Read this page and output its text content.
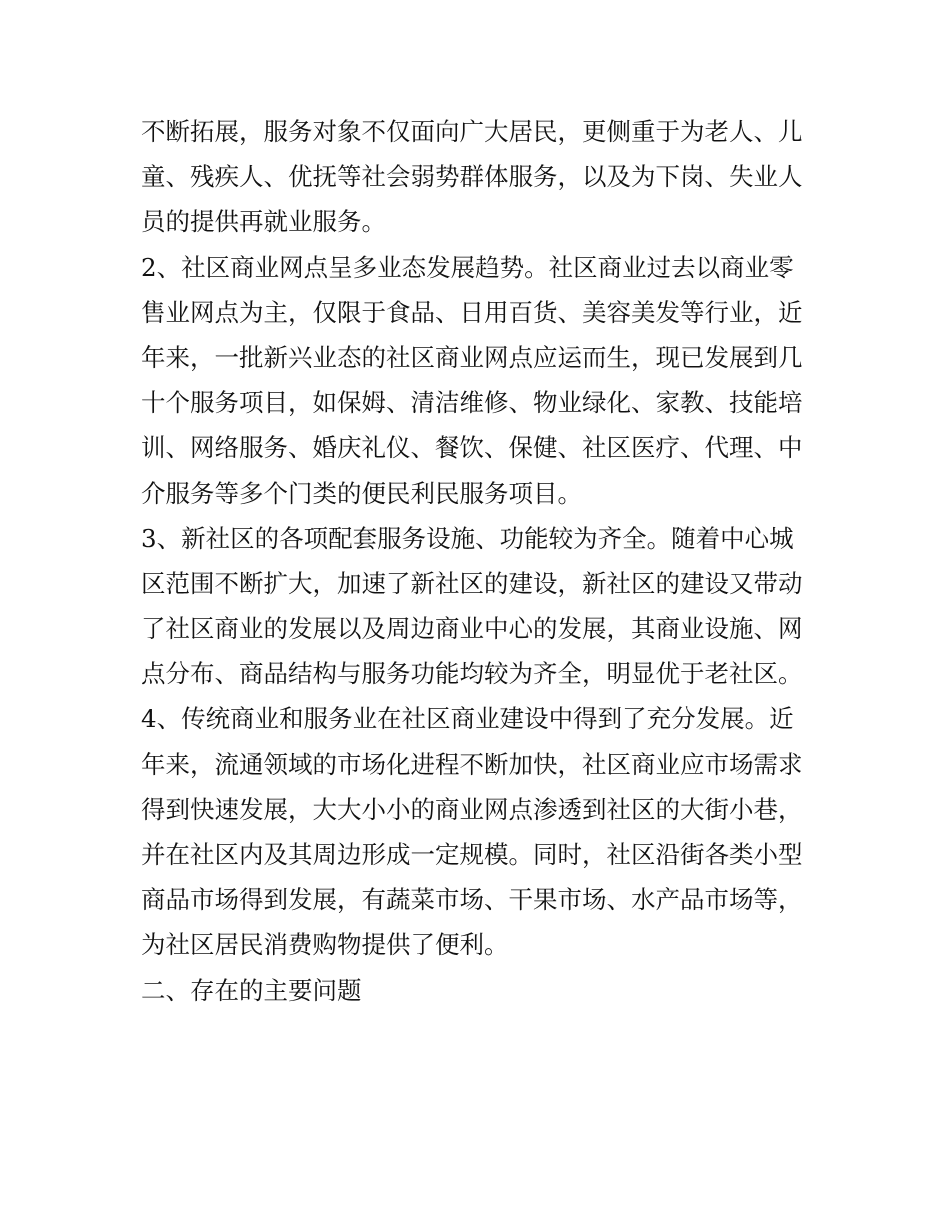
不断拓展，服务对象不仅面向广大居民，更侧重于为老人、儿
童、残疾人、优抚等社会弱势群体服务，以及为下岗、失业人
员的提供再就业服务。
2、社区商业网点呈多业态发展趋势。社区商业过去以商业零
售业网点为主，仅限于食品、日用百货、美容美发等行业，近
年来，一批新兴业态的社区商业网点应运而生，现已发展到几
十个服务项目，如保姆、清洁维修、物业绿化、家教、技能培
训、网络服务、婚庆礼仪、餐饮、保健、社区医疗、代理、中
介服务等多个门类的便民利民服务项目。
3、新社区的各项配套服务设施、功能较为齐全。随着中心城
区范围不断扩大，加速了新社区的建设，新社区的建设又带动
了社区商业的发展以及周边商业中心的发展，其商业设施、网
点分布、商品结构与服务功能均较为齐全，明显优于老社区。
4、传统商业和服务业在社区商业建设中得到了充分发展。近
年来，流通领域的市场化进程不断加快，社区商业应市场需求
得到快速发展，大大小小的商业网点渗透到社区的大街小巷，
并在社区内及其周边形成一定规模。同时，社区沿街各类小型
商品市场得到发展，有蔬菜市场、干果市场、水产品市场等，
为社区居民消费购物提供了便利。
二、存在的主要问题
